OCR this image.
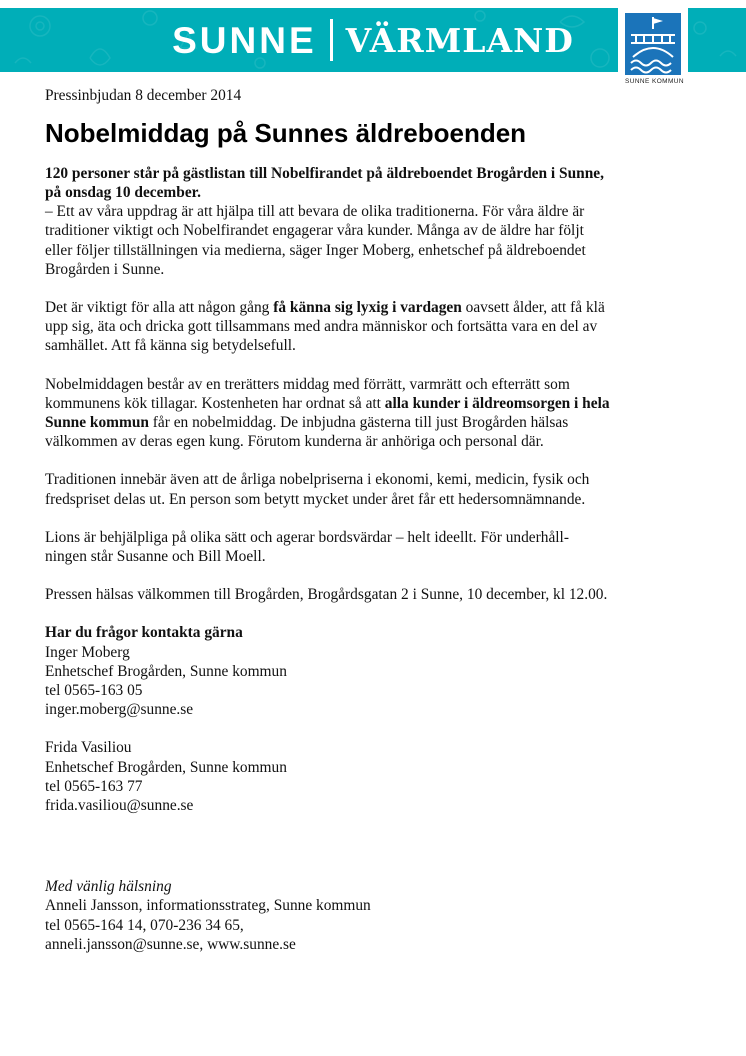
SUNNE VÄRMLAND
SUNNE KOMMUN

Pressinbjudan 8 december 2014

Nobelmiddag på Sunnes äldreboenden

120 personer står på gästlistan till Nobelfirandet på äldreboendet Brogården i Sunne, på onsdag 10 december.

– Ett av våra uppdrag är att hjälpa till att bevara de olika traditionerna. För våra äldre är traditioner viktigt och Nobelfirandet engagerar våra kunder. Många av de äldre har följt eller följer tillställningen via medierna, säger Inger Moberg, enhetschef på äldreboendet Brogården i Sunne.

Det är viktigt för alla att någon gång få känna sig lyxig i vardagen oavsett ålder, att få klä upp sig, äta och dricka gott tillsammans med andra människor och fortsätta vara en del av samhället. Att få känna sig betydelsefull.

Nobelmiddagen består av en trerätters middag med förrätt, varmrätt och efterrätt som kommunens kök tillagar. Kostenheten har ordnat så att alla kunder i äldreomsorgen i hela Sunne kommun får en nobelmiddag. De inbjudna gästerna till just Brogården hälsas välkommen av deras egen kung. Förutom kunderna är anhöriga och personal där.

Traditionen innebär även att de årliga nobelpriserna i ekonomi, kemi, medicin, fysik och fredspriset delas ut. En person som betytt mycket under året får ett hedersomnämnande.

Lions är behjälpliga på olika sätt och agerar bordsvärdar – helt ideellt. För underhåll-ningen står Susanne och Bill Moell.

Pressen hälsas välkommen till Brogården, Brogårdsgatan 2 i Sunne, 10 december, kl 12.00.

Har du frågor kontakta gärna
Inger Moberg
Enhetschef Brogården, Sunne kommun
tel 0565-163 05
inger.moberg@sunne.se
Frida Vasiliou
Enhetschef Brogården, Sunne kommun
tel 0565-163 77
frida.vasiliou@sunne.se
Med vänlig hälsning
Anneli Jansson, informationsstrateg, Sunne kommun
tel 0565-164 14, 070-236 34 65,
anneli.jansson@sunne.se, www.sunne.se
